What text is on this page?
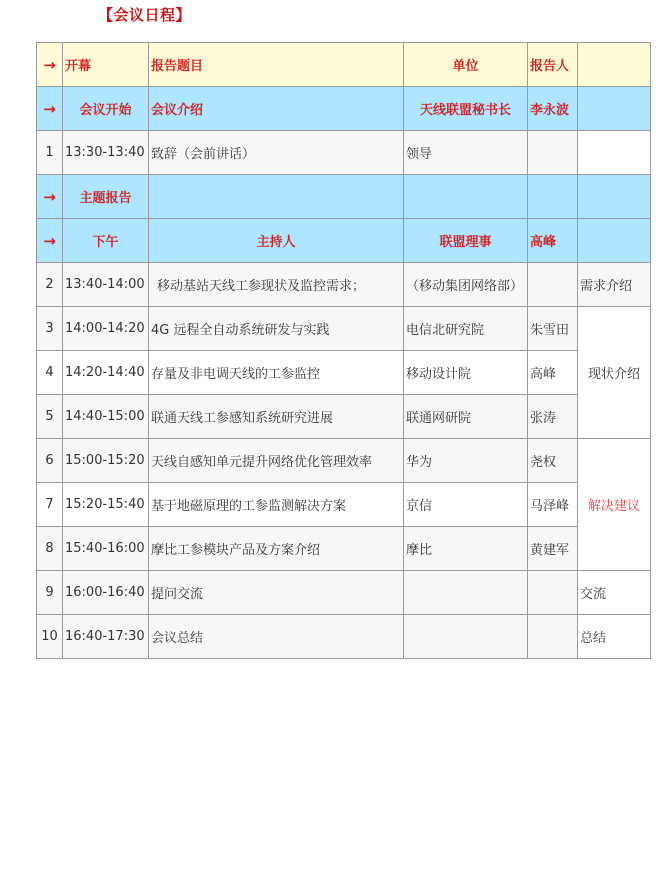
【会议日程】
→	开幕	报告题目	单位	报告人	
→	会议开始	会议介绍	天线联盟秘书长	李永波	
1	13:30-13:40	致辞（会前讲话）	领导		
→	主题报告				
→	下午	主持人	联盟理事	高峰	
2	13:40-14:00	移动基站天线工参现状及监控需求；	（移动集团网络部）		需求介绍
3	14:00-14:20	4G 远程全自动系统研发与实践	电信北研究院	朱雪田	现状介绍
4	14:20-14:40	存量及非电调天线的工参监控	移动设计院	高峰	
5	14:40-15:00	联通天线工参感知系统研究进展	联通网研院	张涛	
6	15:00-15:20	天线自感知单元提升网络优化管理效率	华为	尧权	解决建议
7	15:20-15:40	基于地磁原理的工参监测解决方案	京信	马泽峰	
8	15:40-16:00	摩比工参模块产品及方案介绍	摩比	黄建军	
9	16:00-16:40	提问交流			交流
10	16:40-17:30	会议总结			总结
